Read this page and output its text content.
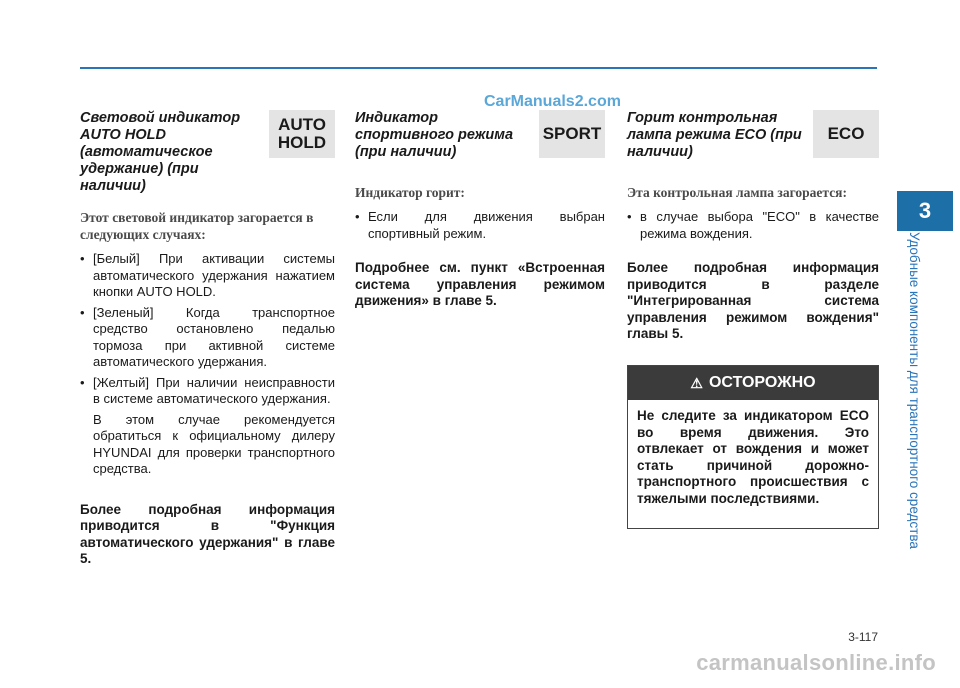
CarManuals2.com
Световой индикатор AUTO HOLD (автоматическое удержание) (при наличии)
AUTO HOLD
Этот световой индикатор загорается в следующих случаях:
• [Белый] При активации системы автоматического удержания нажатием кнопки AUTO HOLD.
• [Зеленый] Когда транспортное средство остановлено педалью тормоза при активной системе автоматического удержания.
• [Желтый] При наличии неисправности в системе автоматического удержания.
В этом случае рекомендуется обратиться к официальному дилеру HYUNDAI для проверки транспортного средства.
Более подробная информация приводится в "Функция автоматического удержания" в главе 5.
Индикатор спортивного режима (при наличии)
SPORT
Индикатор горит:
• Если для движения выбран спортивный режим.
Подробнее см. пункт «Встроенная система управления режимом движения» в главе 5.
Горит контрольная лампа режима ECO (при наличии)
ECO
Эта контрольная лампа загорается:
• в случае выбора "ECO" в качестве режима вождения.
Более подробная информация приводится в разделе "Интегрированная система управления режимом вождения" главы 5.
⚠ ОСТОРОЖНО
Не следите за индикатором ECO во время движения. Это отвлекает от вождения и может стать причиной дорожно-транспортного происшествия с тяжелыми последствиями.
3
Удобные компоненты для транспортного средства
3-117
carmanualsonline.info
